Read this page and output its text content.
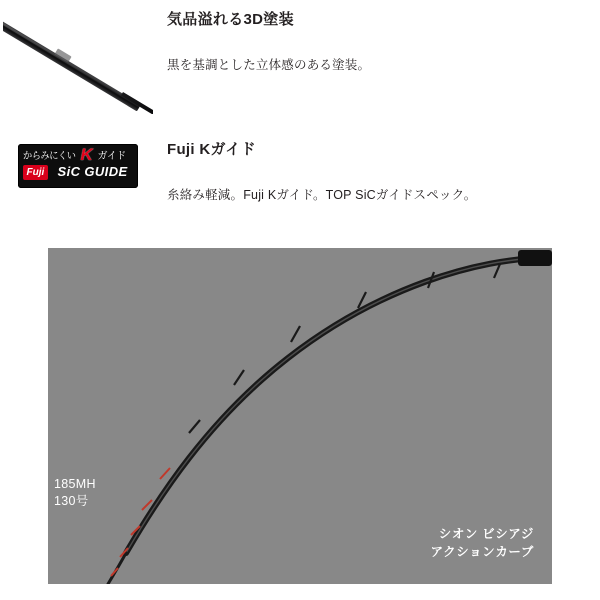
気品溢れる3D塗装

黒を基調とした立体感のある塗装。

からみにくい K ガイド
Fuji	SiC GUIDE
Fuji Kガイド

糸絡み軽減。Fuji Kガイド。TOP SiCガイドスペック。

185MH
130号
シオン ビシアジ
アクションカーブ
